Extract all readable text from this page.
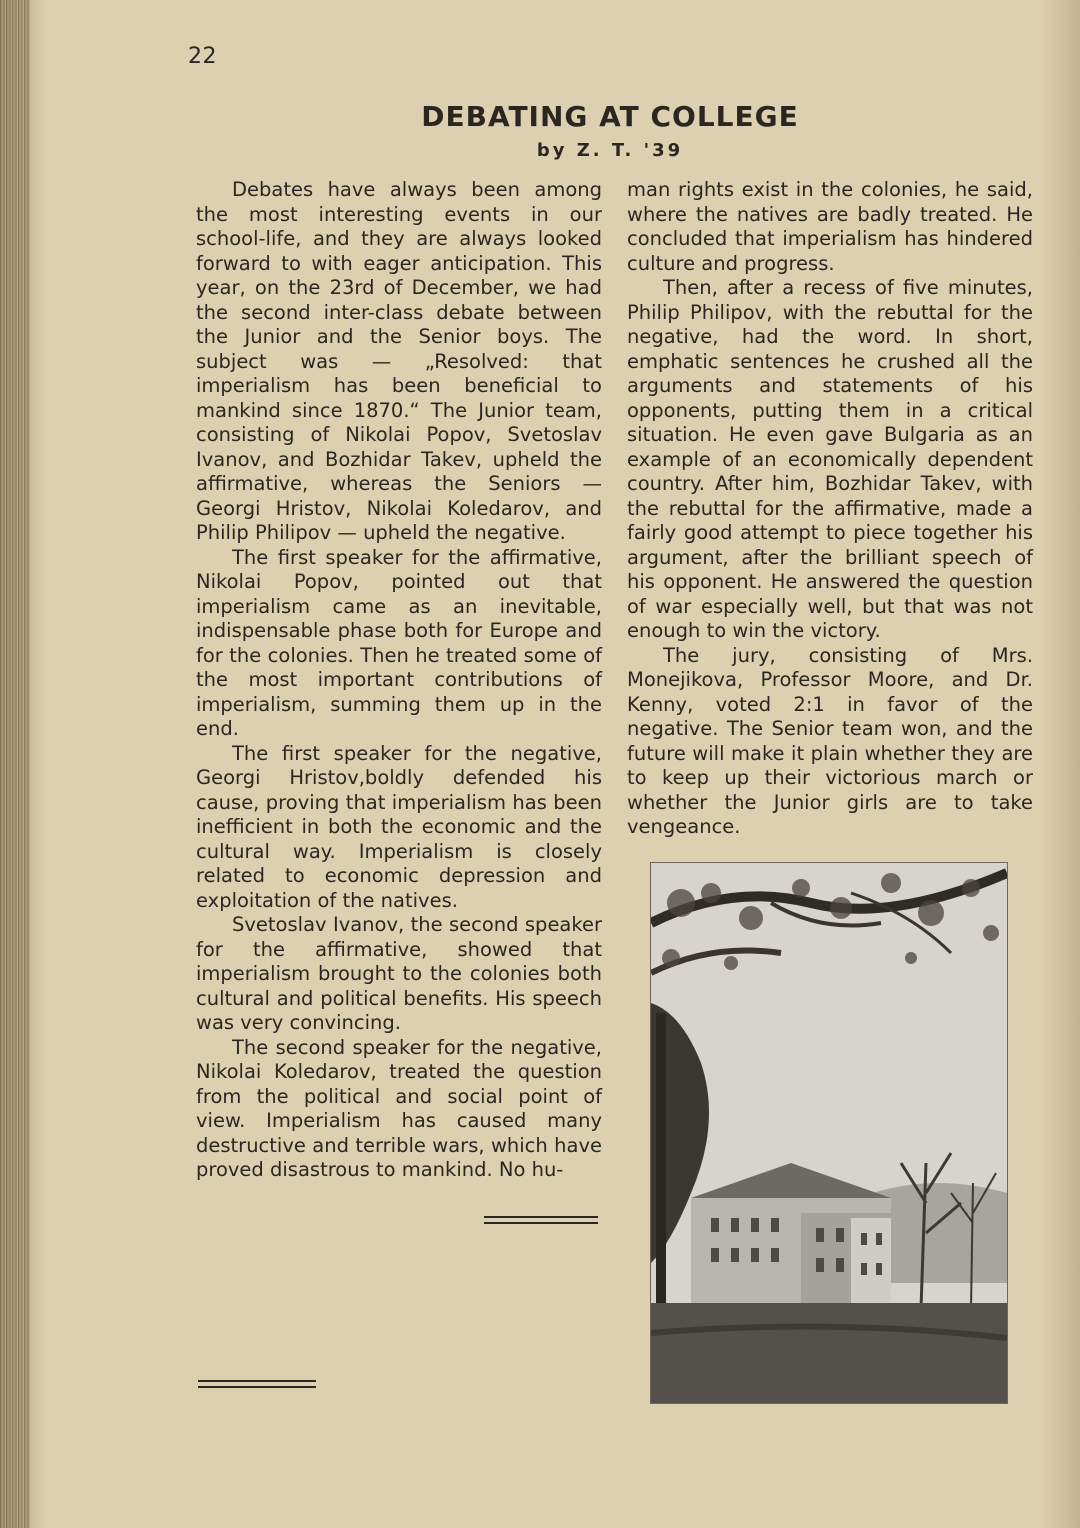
22
DEBATING AT COLLEGE
by Z. T. '39

Debates have always been among the most interesting events in our school-life, and they are always looked forward to with eager anticipation. This year, on the 23rd of December, we had the second inter-class debate between the Junior and the Senior boys. The subject was — „Resolved: that imperialism has been beneficial to mankind since 1870.“ The Junior team, consisting of Nikolai Popov, Svetoslav Ivanov, and Bozhidar Takev, upheld the affirmative, whereas the Seniors — Georgi Hristov, Nikolai Koledarov, and Philip Philipov — upheld the negative.

The first speaker for the affirmative, Nikolai Popov, pointed out that imperialism came as an inevitable, indispensable phase both for Europe and for the colonies. Then he treated some of the most important contributions of imperialism, summing them up in the end.

The first speaker for the negative, Georgi Hristov,boldly defended his cause, proving that imperialism has been inefficient in both the economic and the cultural way. Imperialism is closely related to economic depression and exploitation of the natives.

Svetoslav Ivanov, the second speaker for the affirmative, showed that imperialism brought to the colonies both cultural and political benefits. His speech was very convincing.

The second speaker for the negative, Nikolai Koledarov, treated the question from the political and social point of view. Imperialism has caused many destructive and terrible wars, which have proved disastrous to mankind. No hu-

man rights exist in the colonies, he said, where the natives are badly treated. He concluded that imperialism has hindered culture and progress.

Then, after a recess of five minutes, Philip Philipov, with the rebuttal for the negative, had the word. In short, emphatic sentences he crushed all the arguments and statements of his opponents, putting them in a critical situation. He even gave Bulgaria as an example of an economically dependent country. After him, Bozhidar Takev, with the rebuttal for the affirmative, made a fairly good attempt to piece together his argument, after the brilliant speech of his opponent. He answered the question of war especially well, but that was not enough to win the victory.

The jury, consisting of Mrs. Monejikova, Professor Moore, and Dr. Kenny, voted 2:1 in favor of the negative. The Senior team won, and the future will make it plain whether they are to keep up their victorious march or whether the Junior girls are to take vengeance.
